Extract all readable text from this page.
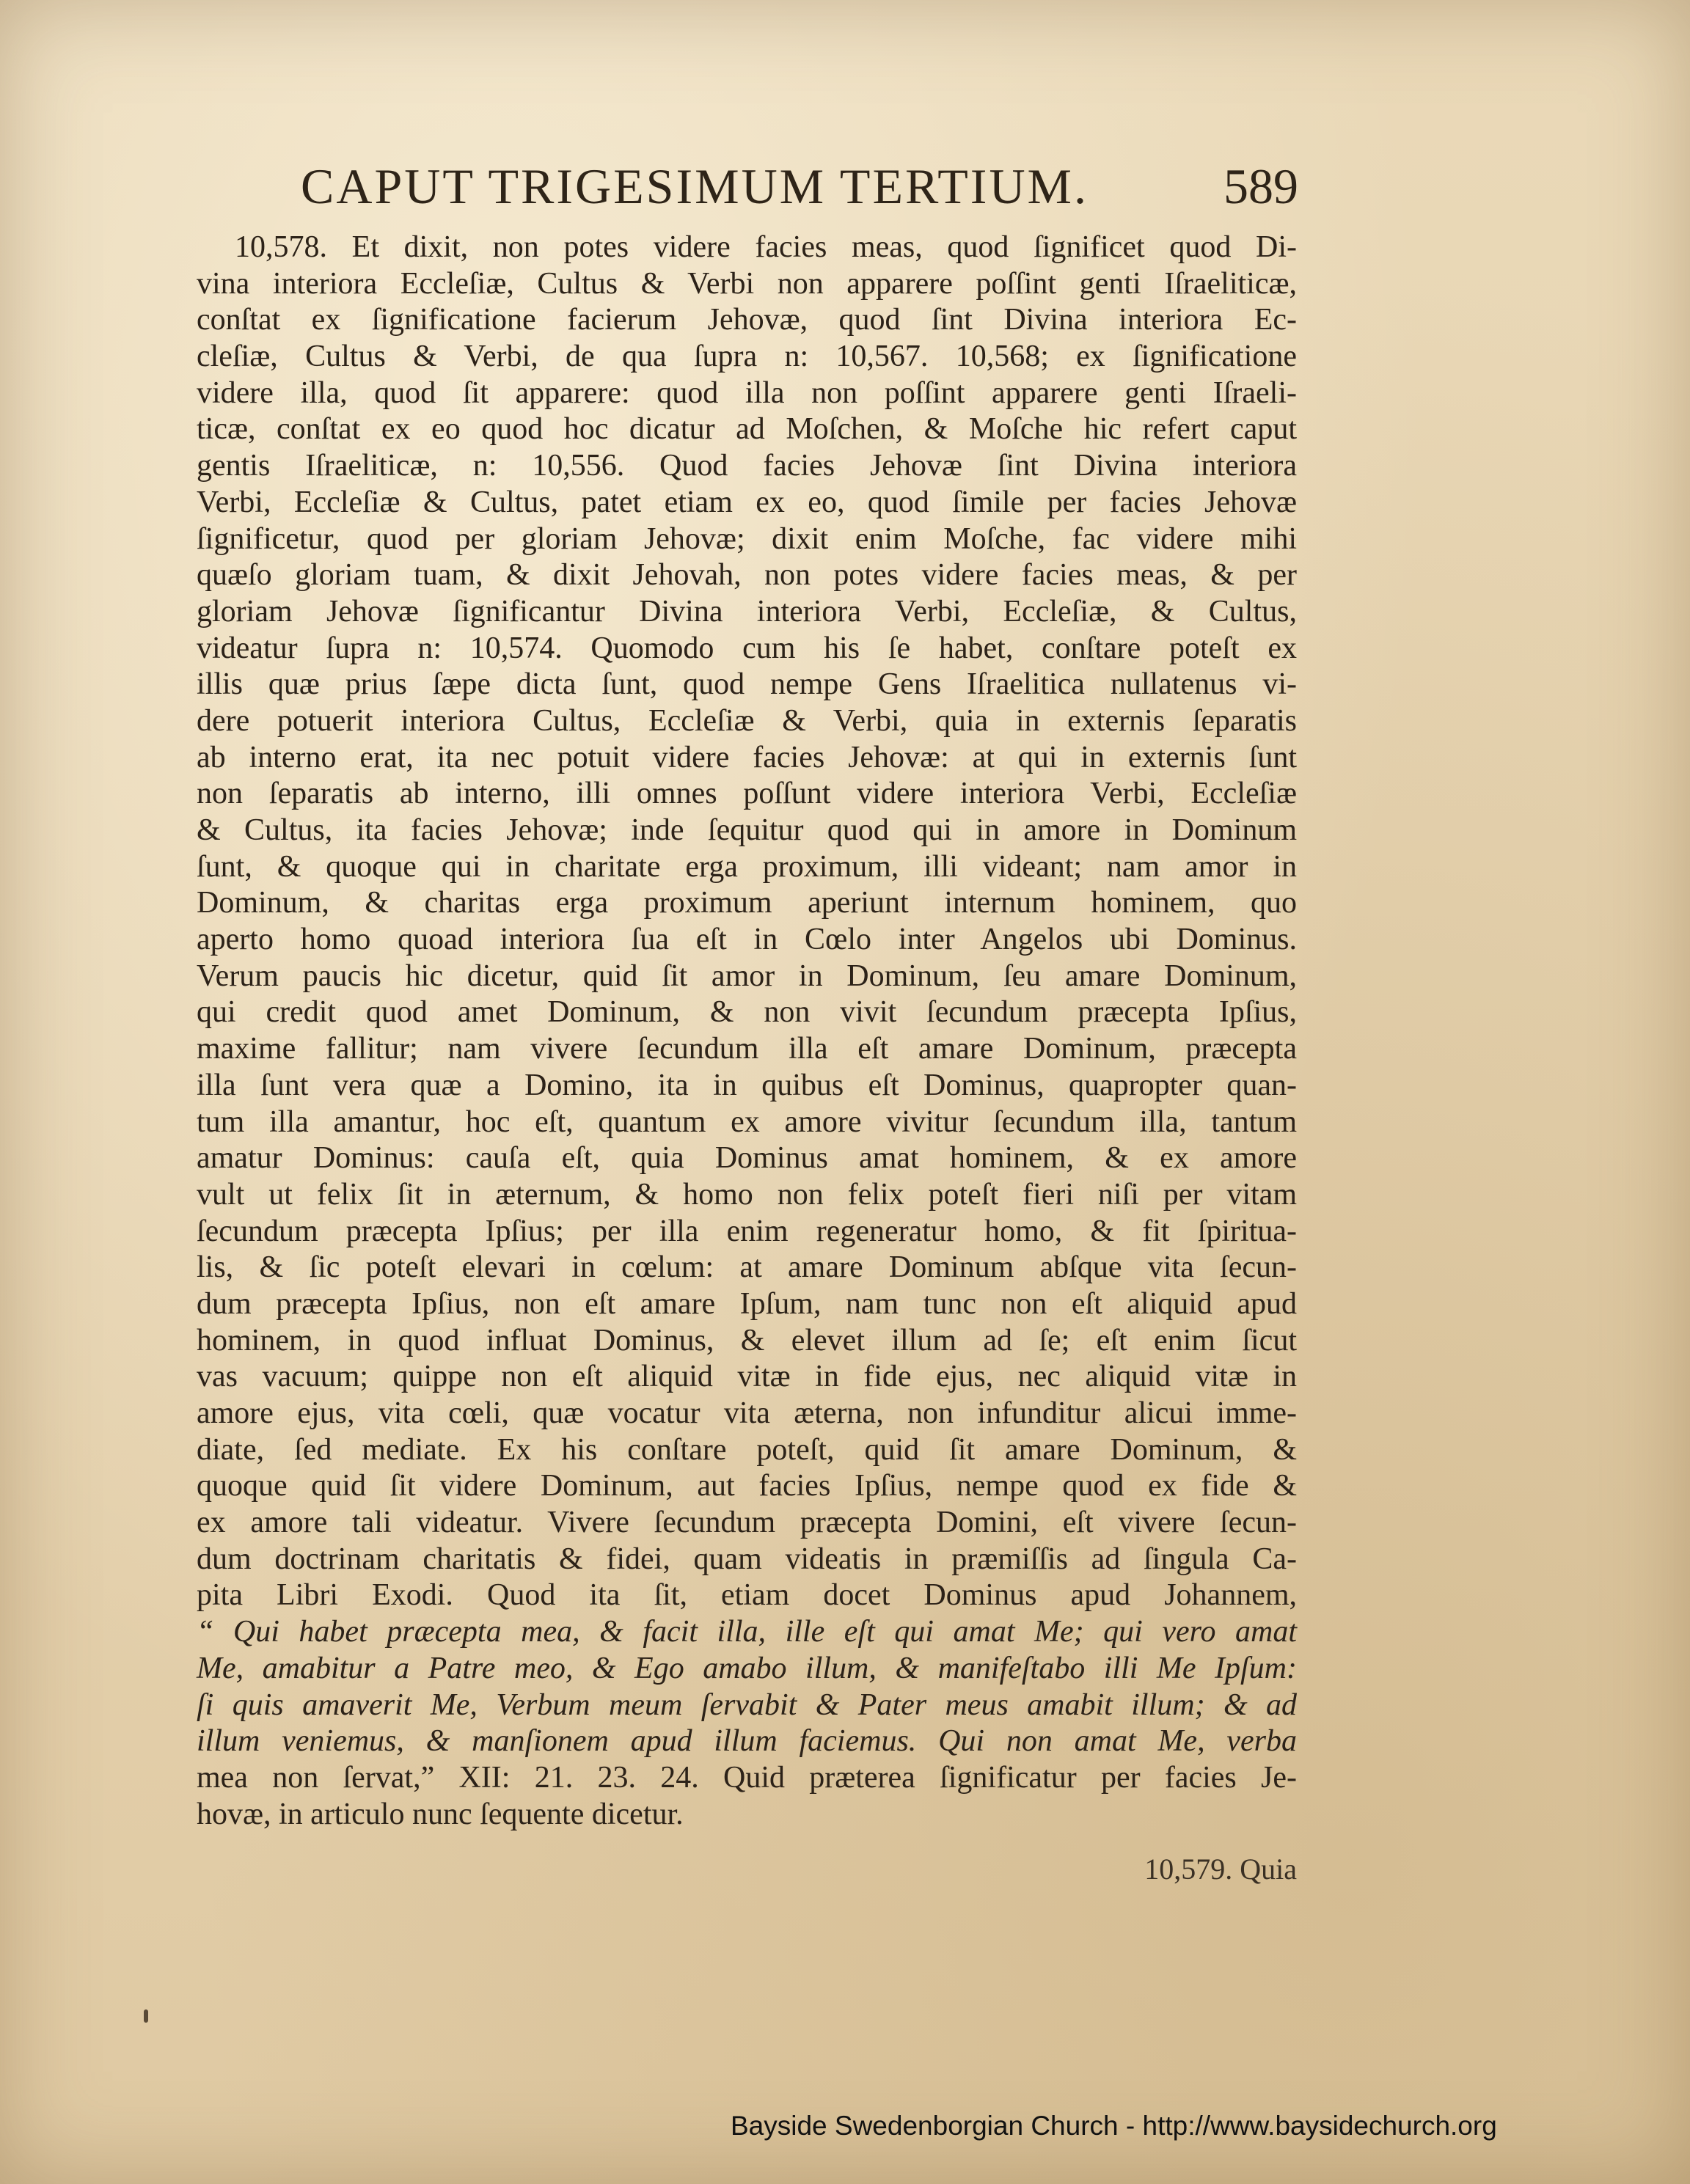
CAPUT TRIGESIMUM TERTIUM.	589
10,578. Et dixit, non potes videre facies meas, quod ſignificet quod Di-
vina interiora Eccleſiæ, Cultus & Verbi non apparere poſſint genti Iſraeliticæ,
conſtat ex ſignificatione facierum Jehovæ, quod ſint Divina interiora Ec-
cleſiæ, Cultus & Verbi, de qua ſupra n: 10,567. 10,568; ex ſignificatione
videre illa, quod ſit apparere: quod illa non poſſint apparere genti Iſraeli-
ticæ, conſtat ex eo quod hoc dicatur ad Moſchen, & Moſche hic refert caput
gentis Iſraeliticæ, n: 10,556. Quod facies Jehovæ ſint Divina interiora
Verbi, Eccleſiæ & Cultus, patet etiam ex eo, quod ſimile per facies Jehovæ
ſignificetur, quod per gloriam Jehovæ; dixit enim Moſche, fac videre mihi
quæſo gloriam tuam, & dixit Jehovah, non potes videre facies meas, & per
gloriam Jehovæ ſignificantur Divina interiora Verbi, Eccleſiæ, & Cultus,
videatur ſupra n: 10,574. Quomodo cum his ſe habet, conſtare poteſt ex
illis quæ prius ſæpe dicta ſunt, quod nempe Gens Iſraelitica nullatenus vi-
dere potuerit interiora Cultus, Eccleſiæ & Verbi, quia in externis ſeparatis
ab interno erat, ita nec potuit videre facies Jehovæ: at qui in externis ſunt
non ſeparatis ab interno, illi omnes poſſunt videre interiora Verbi, Eccleſiæ
& Cultus, ita facies Jehovæ; inde ſequitur quod qui in amore in Dominum
ſunt, & quoque qui in charitate erga proximum, illi videant; nam amor in
Dominum, & charitas erga proximum aperiunt internum hominem, quo
aperto homo quoad interiora ſua eſt in Cœlo inter Angelos ubi Dominus.
Verum paucis hic dicetur, quid ſit amor in Dominum, ſeu amare Dominum,
qui credit quod amet Dominum, & non vivit ſecundum præcepta Ipſius,
maxime fallitur; nam vivere ſecundum illa eſt amare Dominum, præcepta
illa ſunt vera quæ a Domino, ita in quibus eſt Dominus, quapropter quan-
tum illa amantur, hoc eſt, quantum ex amore vivitur ſecundum illa, tantum
amatur Dominus: cauſa eſt, quia Dominus amat hominem, & ex amore
vult ut felix ſit in æternum, & homo non felix poteſt fieri niſi per vitam
ſecundum præcepta Ipſius; per illa enim regeneratur homo, & fit ſpiritua-
lis, & ſic poteſt elevari in cœlum: at amare Dominum abſque vita ſecun-
dum præcepta Ipſius, non eſt amare Ipſum, nam tunc non eſt aliquid apud
hominem, in quod influat Dominus, & elevet illum ad ſe; eſt enim ſicut
vas vacuum; quippe non eſt aliquid vitæ in fide ejus, nec aliquid vitæ in
amore ejus, vita cœli, quæ vocatur vita æterna, non infunditur alicui imme-
diate, ſed mediate. Ex his conſtare poteſt, quid ſit amare Dominum, &
quoque quid ſit videre Dominum, aut facies Ipſius, nempe quod ex fide &
ex amore tali videatur. Vivere ſecundum præcepta Domini, eſt vivere ſecun-
dum doctrinam charitatis & fidei, quam videatis in præmiſſis ad ſingula Ca-
pita Libri Exodi. Quod ita ſit, etiam docet Dominus apud Johannem,
“ Qui habet præcepta mea, & facit illa, ille eſt qui amat Me; qui vero amat
Me, amabitur a Patre meo, & Ego amabo illum, & manifeſtabo illi Me Ipſum:
ſi quis amaverit Me, Verbum meum ſervabit & Pater meus amabit illum; & ad
illum veniemus, & manſionem apud illum faciemus. Qui non amat Me, verba
mea non ſervat,” XII: 21. 23. 24. Quid præterea ſignificatur per facies Je-
hovæ, in articulo nunc ſequente dicetur.
10,579. Quia
Bayside Swedenborgian Church - http://www.baysidechurch.org
